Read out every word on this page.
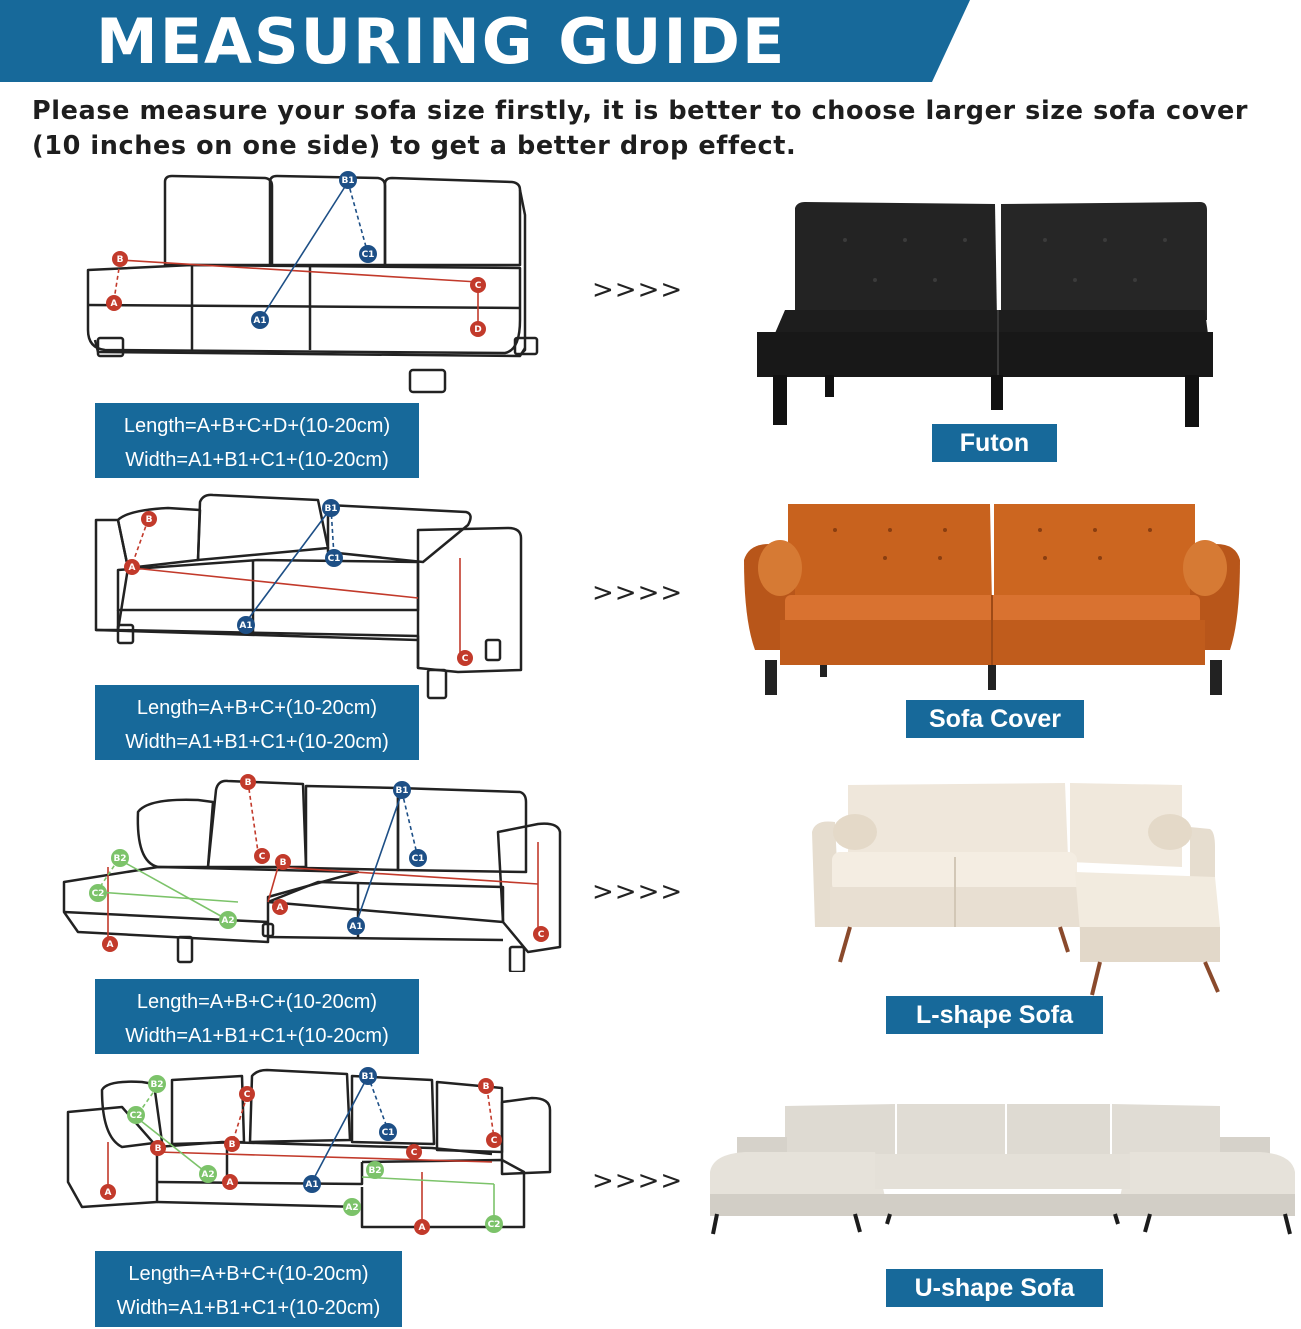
MEASURING GUIDE
Please measure your sofa size firstly, it is better to choose larger size sofa cover
(10 inches on one side) to get a better drop effect.
B
A
C
D
B1
C1
A1
>>>>
Length=A+B+C+D+(10-20cm)
Width=A1+B1+C1+(10-20cm)
Futon
B
A
C
B1
C1
A1
>>>>
Length=A+B+C+(10-20cm)
Width=A1+B1+C1+(10-20cm)
Sofa Cover
B
C
B
A
A
C
B2
C2
A2
B1
C1
A1
>>>>
Length=A+B+C+(10-20cm)
Width=A1+B1+C1+(10-20cm)
L-shape Sofa
B
A
C
B
A
B
C
C
A
B2
C2
A2	B2
A2
C2
B1
C1
A1	>>>>
Length=A+B+C+(10-20cm)
Width=A1+B1+C1+(10-20cm)
U-shape Sofa
